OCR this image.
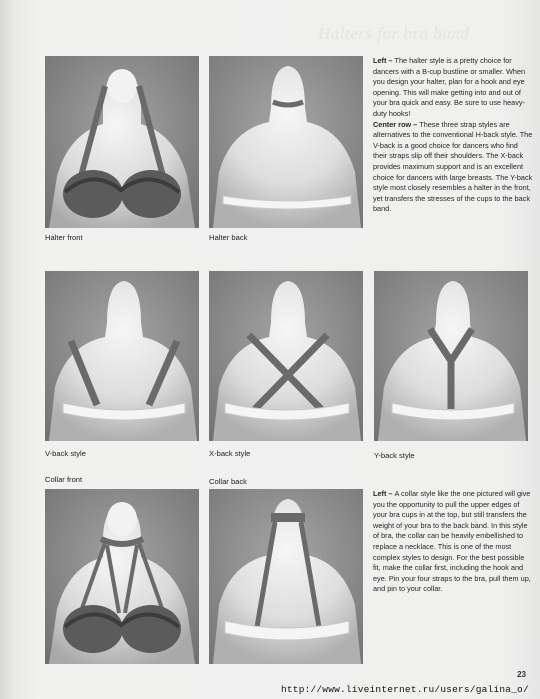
Halters for bra band
Halter front	Halter back
Left – The halter style is a pretty choice for dancers with a B-cup bustline or smaller. When you design your halter, plan for a hook and eye opening. This will make getting into and out of your bra quick and easy. Be sure to use heavy-duty hooks!
Center row – These three strap styles are alternatives to the conventional H-back style. The V-back is a good choice for dancers who find their straps slip off their shoulders. The X-back provides maximum support and is an excellent choice for dancers with large breasts. The Y-back style most closely resembles a halter in the front, yet transfers the stresses of the cups to the back band.
V-back style	X-back style	Y-back style
Collar front	Collar back
Left – A collar style like the one pictured will give you the opportunity to pull the upper edges of your bra cups in at the top, but still transfers the weight of your bra to the back band. In this style of bra, the collar can be heavily embellished to replace a necklace. This is one of the most complex styles to design. For the best possible fit, make the collar first, including the hook and eye. Pin your four straps to the bra, pull them up, and pin to your collar.
23
http://www.liveinternet.ru/users/galina_o/
